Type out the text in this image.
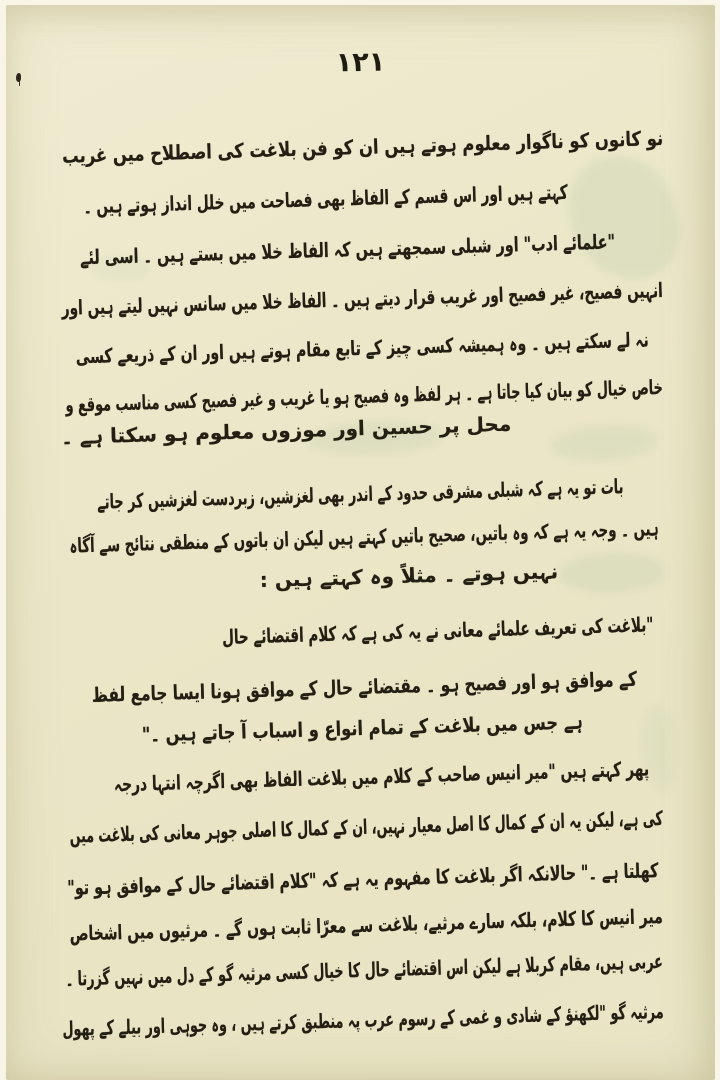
۱۲۱
نو کانوں کو ناگوار معلوم ہوتے ہیں ان کو فن بلاغت کی اصطلاح میں غریب
کہتے ہیں اور اس قسم کے الفاظ بھی فصاحت میں خلل انداز ہوتے ہیں ۔
"علمائے ادب" اور شبلی سمجھتے ہیں کہ الفاظ خلا میں بستے ہیں ۔ اسی لئے
انہیں فصیح، غیر فصیح اور غریب قرار دیتے ہیں ۔ الفاظ خلا میں سانس نہیں لیتے ہیں اور
نہ لے سکتے ہیں ۔ وہ ہمیشہ کسی چیز کے تابع مقام ہوتے ہیں اور ان کے ذریعے کسی
خاص خیال کو بیان کیا جاتا ہے ۔ ہر لفظ وہ فصیح ہو یا غریب و غیر فصیح کسی مناسب موقع و
محل پر حسین اور موزوں معلوم ہو سکتا ہے ۔
بات تو یہ ہے کہ شبلی مشرقی حدود کے اندر بھی لغزشیں، زبردست لغزشیں کر جاتے
ہیں ۔ وجہ یہ ہے کہ وہ باتیں، صحیح باتیں کہتے ہیں لیکن ان باتوں کے منطقی نتائج سے آگاہ
نہیں ہوتے ۔ مثلاً وہ کہتے ہیں :
"بلاغت کی تعریف علمائے معانی نے یہ کی ہے کہ کلام اقتضائے حال
کے موافق ہو اور فصیح ہو ۔ مقتضائے حال کے موافق ہونا ایسا جامع لفظ
ہے جس میں بلاغت کے تمام انواع و اسباب آ جاتے ہیں ۔"
پھر کہتے ہیں "میر انیس صاحب کے کلام میں بلاغت الفاظ بھی اگرچہ انتہا درجہ
کی ہے، لیکن یہ ان کے کمال کا اصل معیار نہیں، ان کے کمال کا اصلی جوہر معانی کی بلاغت میں
کھلتا ہے ۔" حالانکہ اگر بلاغت کا مفہوم یہ ہے کہ "کلام اقتضائے حال کے موافق ہو تو"
میر انیس کا کلام، بلکہ سارے مرثیے، بلاغت سے معرّا ثابت ہوں گے ۔ مرثیوں میں اشخاص
عربی ہیں، مقام کربلا ہے لیکن اس اقتضائے حال کا خیال کسی مرثیہ گو کے دل میں نہیں گزرتا ۔
مرثیہ گو "لکھنؤ کے شادی و غمی کے رسوم عرب پہ منطبق کرتے ہیں ، وہ جوہی اور بیلے کے پھول
